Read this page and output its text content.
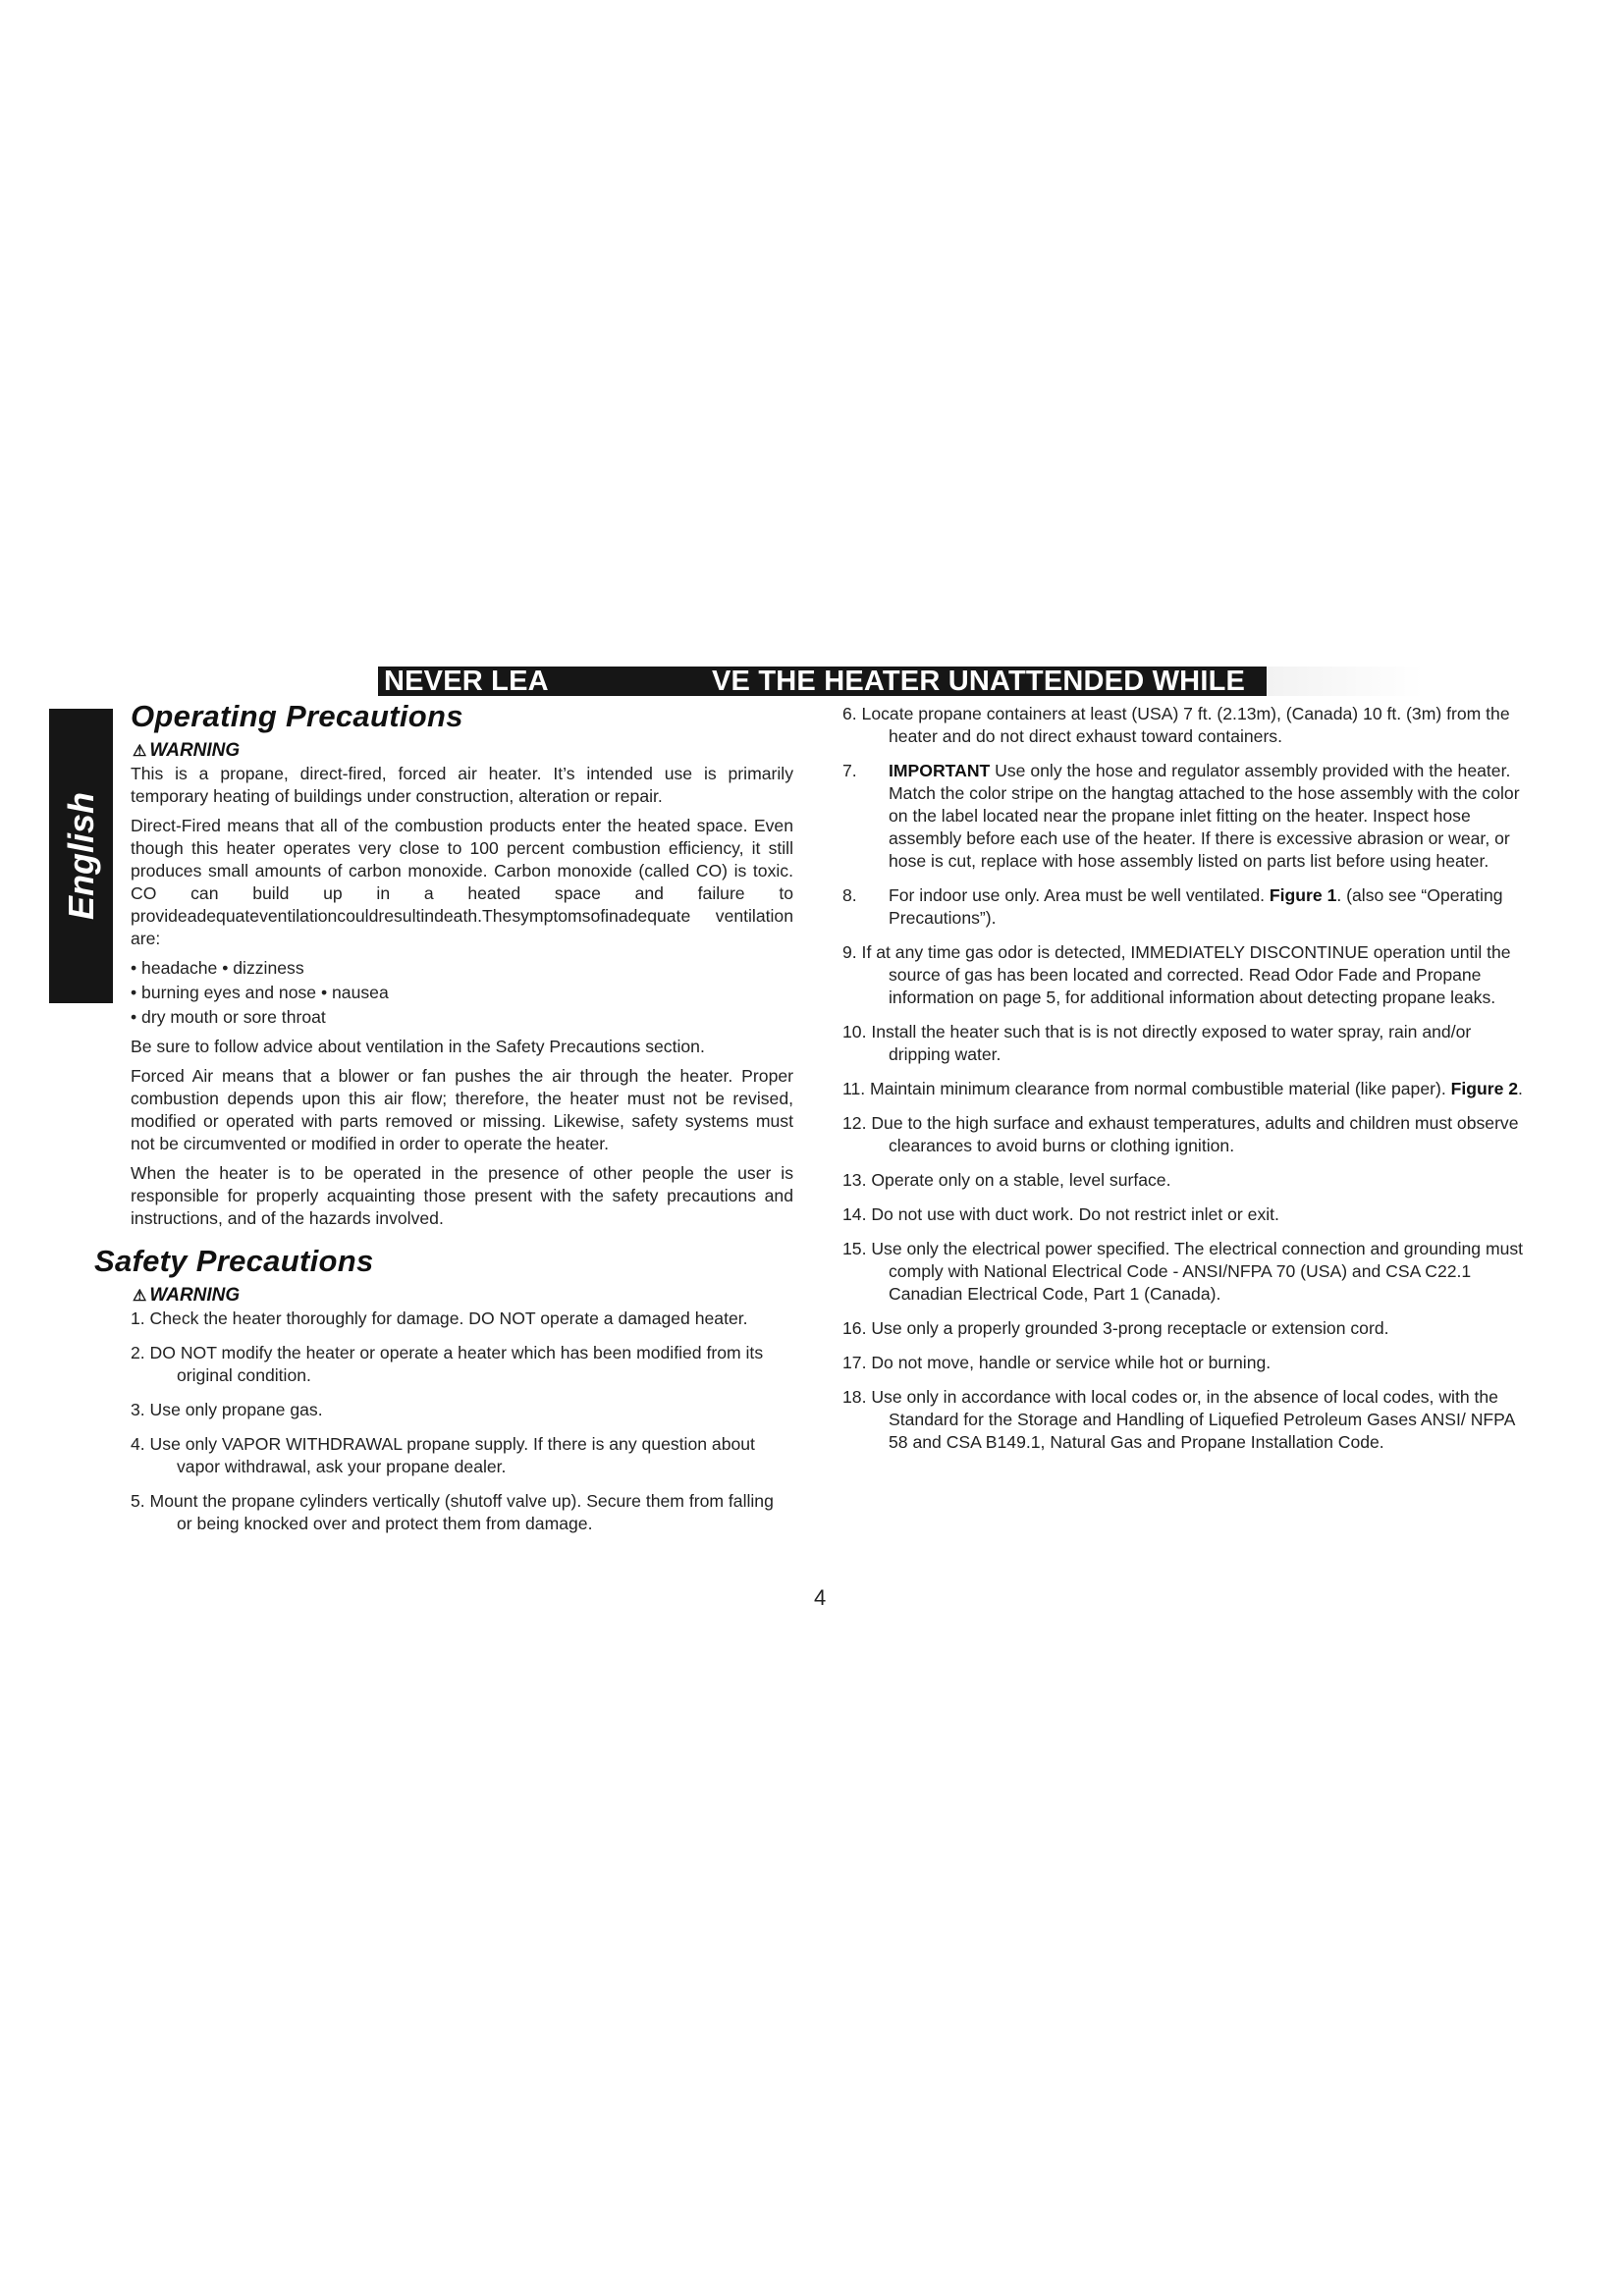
NEVER LEA	VE THE HEATER UNATTENDED WHILE
English
Operating Precautions
⚠ WARNING

This is a propane, direct-fired, forced air heater. It’s intended use is primarily temporary heating of buildings under construction, alteration or repair.

Direct-Fired means that all of the combustion products enter the heated space. Even though this heater operates very close to 100 percent combustion efficiency, it still produces small amounts of carbon monoxide. Carbon monoxide (called CO) is toxic. CO can build up in a heated space and failure to provideadequateventilationcouldresultindeath.Thesymptomsofinadequate ventilation are:

• headache • dizziness

• burning eyes and nose • nausea

• dry mouth or sore throat

Be sure to follow advice about ventilation in the Safety Precautions section.

Forced Air means that a blower or fan pushes the air through the heater. Proper combustion depends upon this air flow; therefore, the heater must not be revised, modified or operated with parts removed or missing. Likewise, safety systems must not be circumvented or modified in order to operate the heater.

When the heater is to be operated in the presence of other people the user is responsible for properly acquainting those present with the safety precautions and instructions, and of the hazards involved.

Safety Precautions
⚠ WARNING
1. Check the heater thoroughly for damage. DO NOT operate a damaged heater.
2. DO NOT modify the heater or operate a heater which has been modified from its original condition.
3. Use only propane gas.
4. Use only VAPOR WITHDRAWAL propane supply. If there is any question about vapor withdrawal, ask your propane dealer.
5. Mount the propane cylinders vertically (shutoff valve up). Secure them from falling or being knocked over and protect them from damage.
6. Locate propane containers at least (USA) 7 ft. (2.13m), (Canada) 10 ft. (3m) from the heater and do not direct exhaust toward containers.
7. IMPORTANT Use only the hose and regulator assembly provided with the heater. Match the color stripe on the hangtag attached to the hose assembly with the color on the label located near the propane inlet fitting on the heater. Inspect hose assembly before each use of the heater. If there is excessive abrasion or wear, or hose is cut, replace with hose assembly listed on parts list before using heater.
8. For indoor use only. Area must be well ventilated. Figure 1. (also see “Operating Precautions”).
9. If at any time gas odor is detected, IMMEDIATELY DISCONTINUE operation until the source of gas has been located and corrected. Read Odor Fade and Propane information on page 5, for additional information about detecting propane leaks.
10. Install the heater such that is is not directly exposed to water spray, rain and/or dripping water.
11. Maintain minimum clearance from normal combustible material (like paper). Figure 2.
12. Due to the high surface and exhaust temperatures, adults and children must observe clearances to avoid burns or clothing ignition.
13. Operate only on a stable, level surface.
14. Do not use with duct work. Do not restrict inlet or exit.
15. Use only the electrical power specified. The electrical connection and grounding must comply with National Electrical Code - ANSI/NFPA 70 (USA) and CSA C22.1 Canadian Electrical Code, Part 1 (Canada).
16. Use only a properly grounded 3-prong receptacle or extension cord.
17. Do not move, handle or service while hot or burning.
18. Use only in accordance with local codes or, in the absence of local codes, with the Standard for the Storage and Handling of Liquefied Petroleum Gases ANSI/ NFPA 58 and CSA B149.1, Natural Gas and Propane Installation Code.
4
